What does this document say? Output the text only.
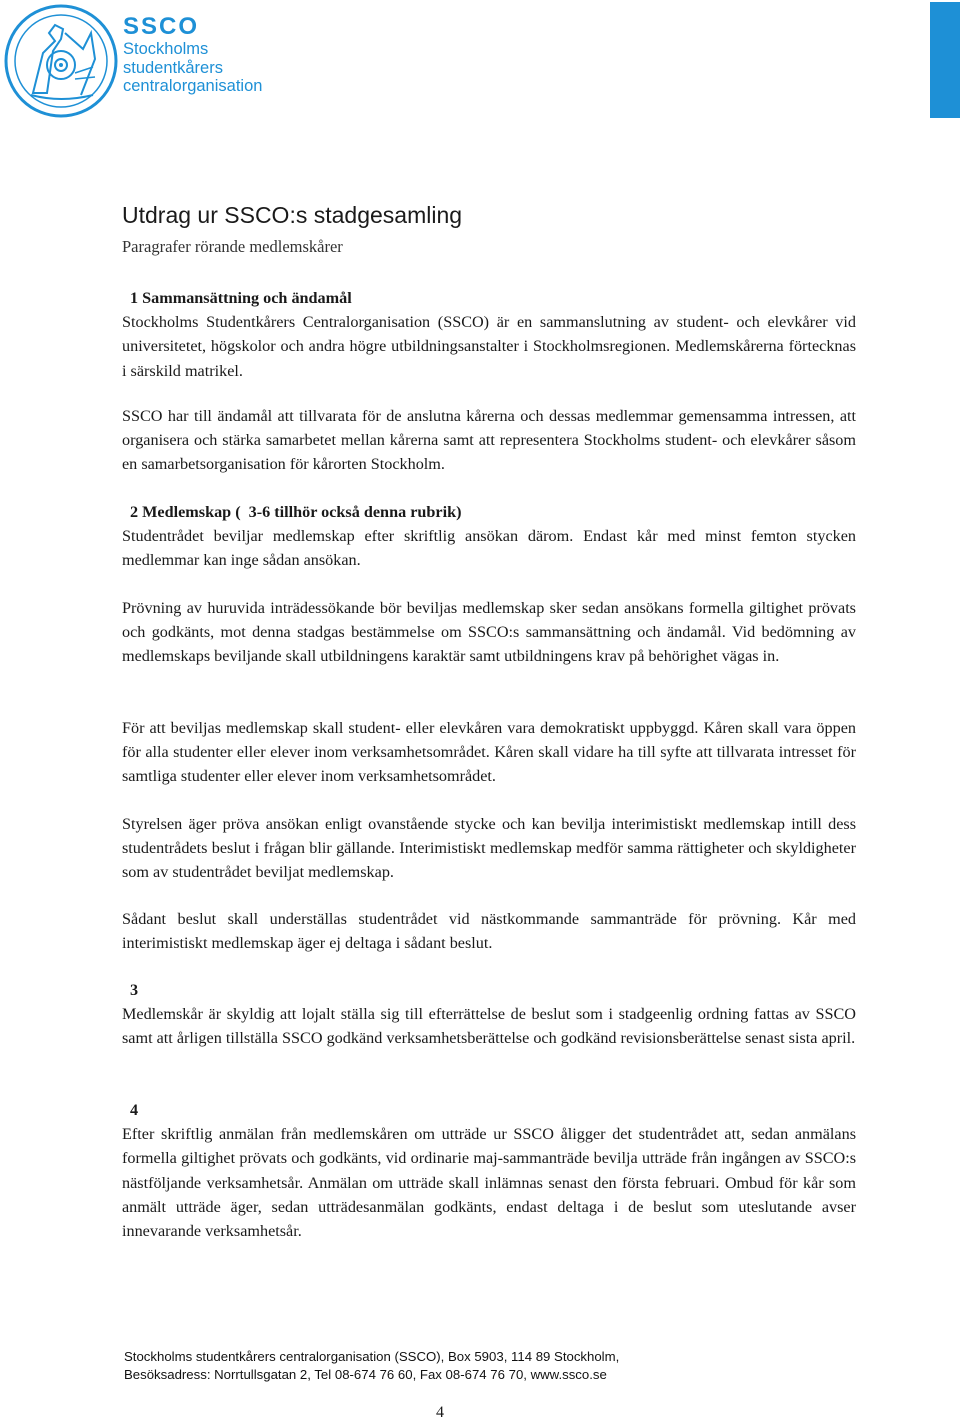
SSCO
Stockholms
studentkårers
centralorganisation
Utdrag ur SSCO:s stadgesamling

Paragrafer rörande medlemskårer

1 Sammansättning och ändamål
Stockholms Studentkårers Centralorganisation (SSCO) är en sammanslutning av student- och elevkårer vid universitetet, högskolor och andra högre utbildningsanstalter i Stockholmsregionen. Medlemskårerna förtecknas i särskild matrikel.

SSCO har till ändamål att tillvarata för de anslutna kårerna och dessas medlemmar gemensamma intressen, att organisera och stärka samarbetet mellan kårerna samt att representera Stockholms student- och elevkårer såsom en samarbetsorganisation för kårorten Stockholm.

2 Medlemskap ( 3-6 tillhör också denna rubrik)
Studentrådet beviljar medlemskap efter skriftlig ansökan därom. Endast kår med minst femton stycken medlemmar kan inge sådan ansökan.

Prövning av huruvida inträdessökande bör beviljas medlemskap sker sedan ansökans formella giltighet prövats och godkänts, mot denna stadgas bestämmelse om SSCO:s sammansättning och ändamål. Vid bedömning av medlemskaps beviljande skall utbildningens karaktär samt utbildningens krav på behörighet vägas in.

För att beviljas medlemskap skall student- eller elevkåren vara demokratiskt uppbyggd. Kåren skall vara öppen för alla studenter eller elever inom verksamhetsområdet. Kåren skall vidare ha till syfte att tillvarata intresset för samtliga studenter eller elever inom verksamhetsområdet.

Styrelsen äger pröva ansökan enligt ovanstående stycke och kan bevilja interimistiskt medlemskap intill dess studentrådets beslut i frågan blir gällande. Interimistiskt medlemskap medför samma rättigheter och skyldigheter som av studentrådet beviljat medlemskap.

Sådant beslut skall underställas studentrådet vid nästkommande sammanträde för prövning. Kår med interimistiskt medlemskap äger ej deltaga i sådant beslut.

3
Medlemskår är skyldig att lojalt ställa sig till efterrättelse de beslut som i stadgeenlig ordning fattas av SSCO samt att årligen tillställa SSCO godkänd verksamhetsberättelse och godkänd revisionsberättelse senast sista april.

4
Efter skriftlig anmälan från medlemskåren om utträde ur SSCO åligger det studentrådet att, sedan anmälans formella giltighet prövats och godkänts, vid ordinarie maj-sammanträde bevilja utträde från ingången av SSCO:s nästföljande verksamhetsår. Anmälan om utträde skall inlämnas senast den första februari. Ombud för kår som anmält utträde äger, sedan utträdesanmälan godkänts, endast deltaga i de beslut som uteslutande avser innevarande verksamhetsår.

Stockholms studentkårers centralorganisation (SSCO), Box 5903, 114 89 Stockholm,
Besöksadress: Norrtullsgatan 2, Tel 08-674 76 60, Fax 08-674 76 70, www.ssco.se

4
